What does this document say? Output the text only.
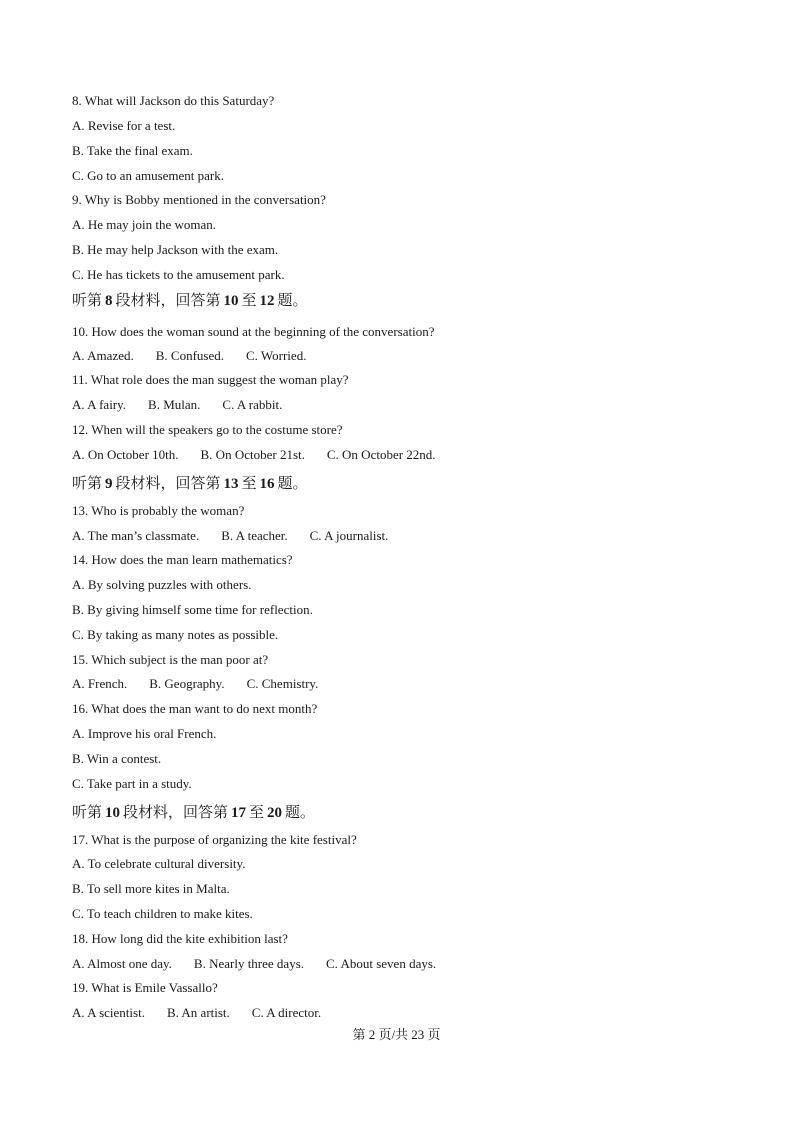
8. What will Jackson do this Saturday?
A. Revise for a test.
B. Take the final exam.
C. Go to an amusement park.
9. Why is Bobby mentioned in the conversation?
A. He may join the woman.
B. He may help Jackson with the exam.
C. He has tickets to the amusement park.
听第 8 段材料，回答第 10 至 12 题。
10. How does the woman sound at the beginning of the conversation?
A. Amazed. B. Confused. C. Worried.
11. What role does the man suggest the woman play?
A. A fairy. B. Mulan. C. A rabbit.
12. When will the speakers go to the costume store?
A. On October 10th. B. On October 21st. C. On October 22nd.
听第 9 段材料，回答第 13 至 16 题。
13. Who is probably the woman?
A. The man’s classmate. B. A teacher. C. A journalist.
14. How does the man learn mathematics?
A. By solving puzzles with others.
B. By giving himself some time for reflection.
C. By taking as many notes as possible.
15. Which subject is the man poor at?
A. French. B. Geography. C. Chemistry.
16. What does the man want to do next month?
A. Improve his oral French.
B. Win a contest.
C. Take part in a study.
听第 10 段材料，回答第 17 至 20 题。
17. What is the purpose of organizing the kite festival?
A. To celebrate cultural diversity.
B. To sell more kites in Malta.
C. To teach children to make kites.
18. How long did the kite exhibition last?
A. Almost one day. B. Nearly three days. C. About seven days.
19. What is Emile Vassallo?
A. A scientist. B. An artist. C. A director.
第 2 页/共 23 页
